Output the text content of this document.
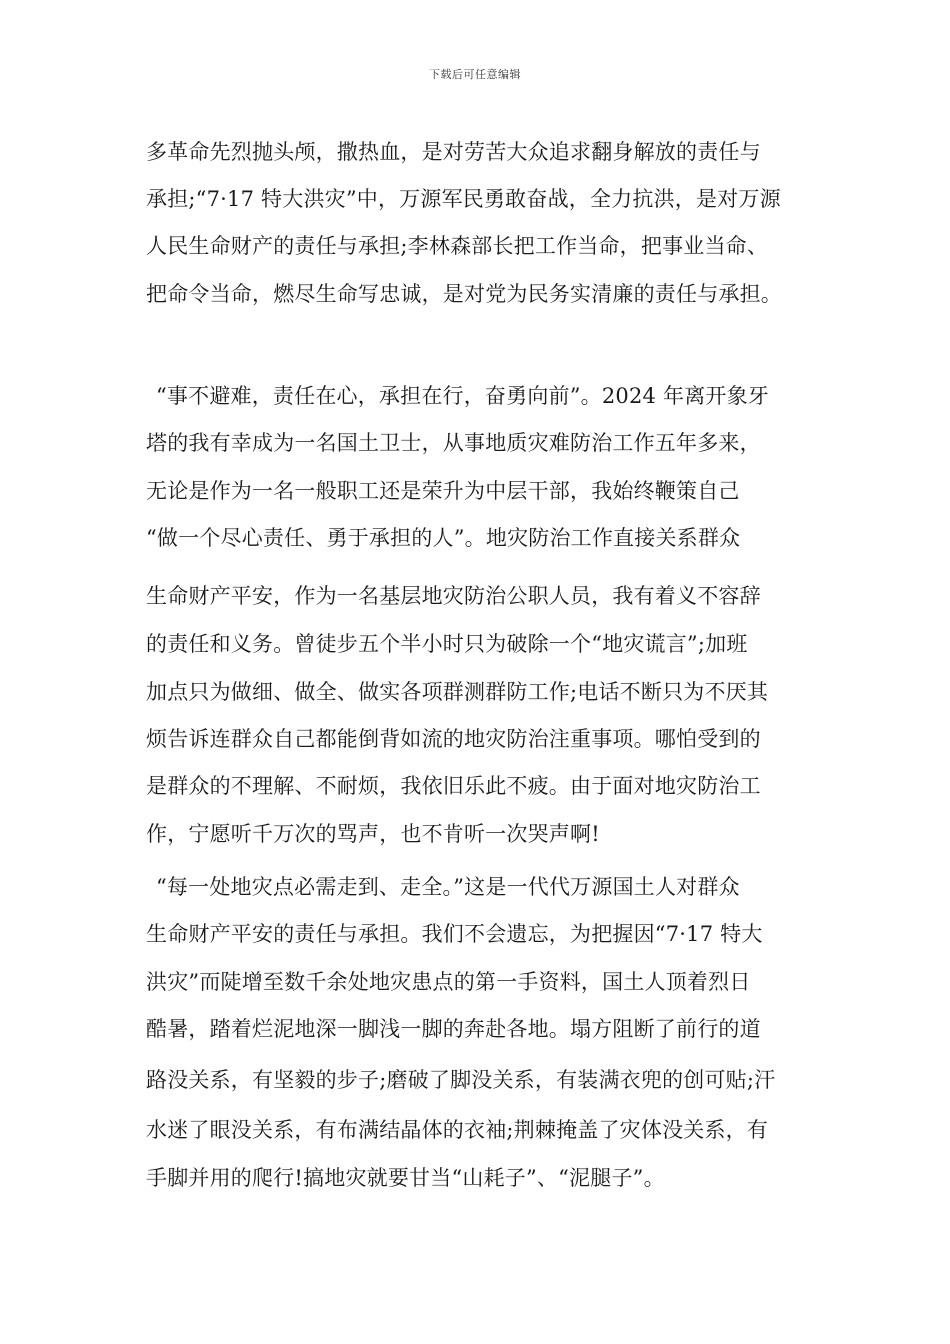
下载后可任意编辑
多革命先烈抛头颅，撒热血，是对劳苦大众追求翻身解放的责任与
承担;“7·17 特大洪灾”中，万源军民勇敢奋战，全力抗洪，是对万源
人民生命财产的责任与承担;李林森部长把工作当命，把事业当命、
把命令当命，燃尽生命写忠诚，是对党为民务实清廉的责任与承担。
“事不避难，责任在心，承担在行，奋勇向前”。2024 年离开象牙
塔的我有幸成为一名国土卫士，从事地质灾难防治工作五年多来，
无论是作为一名一般职工还是荣升为中层干部，我始终鞭策自己
“做一个尽心责任、勇于承担的人”。地灾防治工作直接关系群众
生命财产平安，作为一名基层地灾防治公职人员，我有着义不容辞
的责任和义务。曾徒步五个半小时只为破除一个“地灾谎言”;加班
加点只为做细、做全、做实各项群测群防工作;电话不断只为不厌其
烦告诉连群众自己都能倒背如流的地灾防治注重事项。哪怕受到的
是群众的不理解、不耐烦，我依旧乐此不疲。由于面对地灾防治工
作，宁愿听千万次的骂声，也不肯听一次哭声啊!
“每一处地灾点必需走到、走全。”这是一代代万源国土人对群众
生命财产平安的责任与承担。我们不会遗忘，为把握因“7·17 特大
洪灾”而陡增至数千余处地灾患点的第一手资料，国土人顶着烈日
酷暑，踏着烂泥地深一脚浅一脚的奔赴各地。塌方阻断了前行的道
路没关系，有坚毅的步子;磨破了脚没关系，有装满衣兜的创可贴;汗
水迷了眼没关系，有布满结晶体的衣袖;荆棘掩盖了灾体没关系，有
手脚并用的爬行!搞地灾就要甘当“山耗子”、“泥腿子”。
